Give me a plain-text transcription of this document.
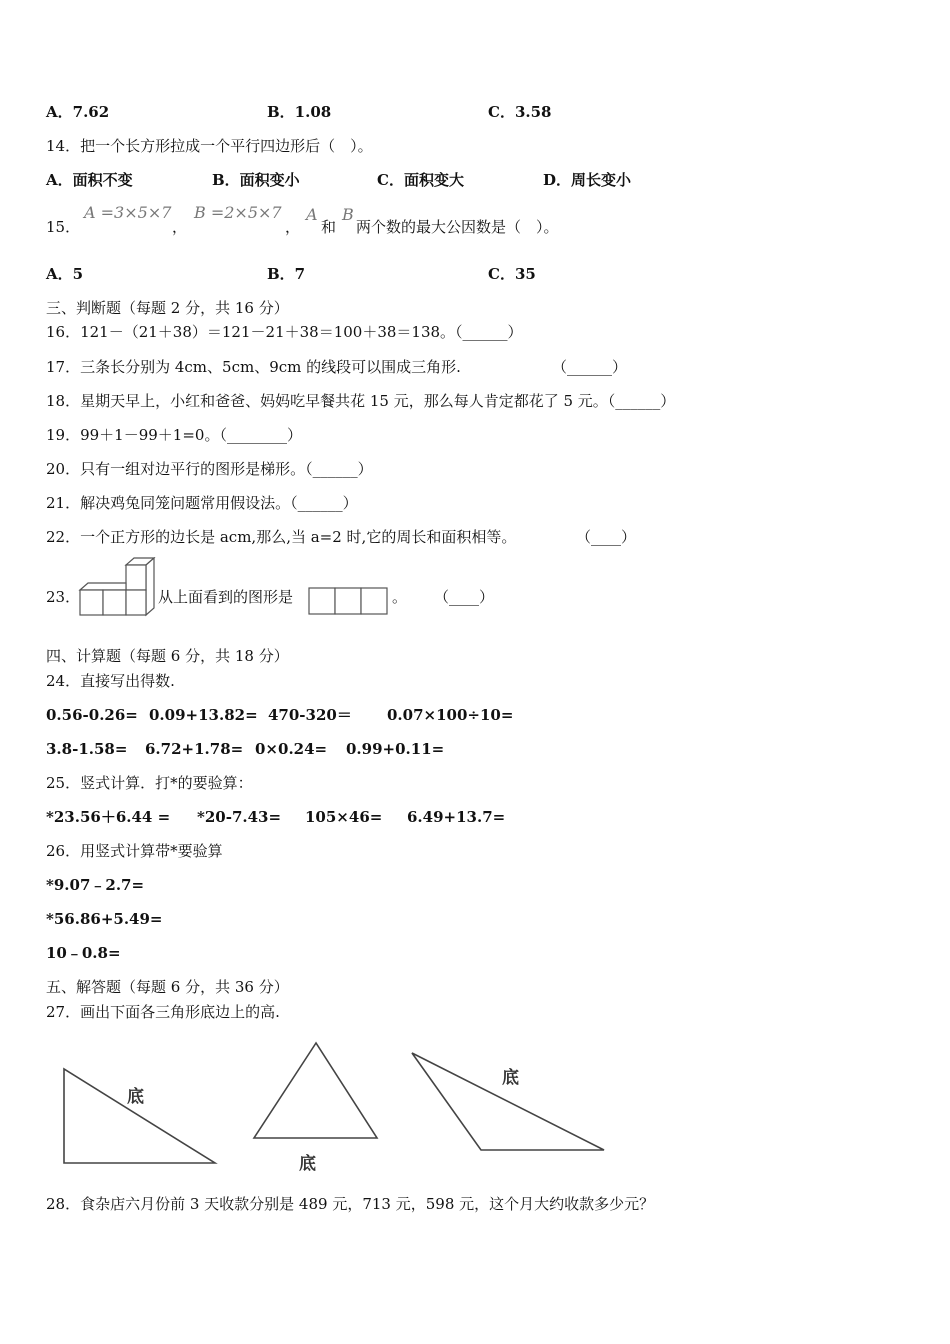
A．7.62	B．1.08	C．3.58
14．把一个长方形拉成一个平行四边形后（　）。
A．面积不变	B．面积变小	C．面积变大	D．周长变小
15．
A =3×5×7
，
B =2×5×7
，
A
和
B
两个数的最大公因数是（　）。
A．5	B．7	C．35
三、判断题（每题 2 分，共 16 分）
16．121－（21＋38）＝121－21＋38＝100＋38＝138。（______）
17．三条长分别为 4cm、5cm、9cm 的线段可以围成三角形.	（______）
18．星期天早上，小红和爸爸、妈妈吃早餐共花 15 元，那么每人肯定都花了 5 元。（______）
19．99＋1－99＋1=0。（________）
20．只有一组对边平行的图形是梯形。（______）
21．解决鸡兔同笼问题常用假设法。（______）
22．一个正方形的边长是 acm,那么,当 a=2 时,它的周长和面积相等。	（____）
23．	从上面看到的图形是	。 （____）
四、计算题（每题 6 分，共 18 分）
24．直接写出得数.
0.56-0.26= 0.09+13.82= 470-320＝ 0.07×100÷10=
3.8-1.58= 6.72+1.78= 0×0.24= 0.99+0.11=
25．竖式计算．打*的要验算：
*23.56＋6.44 = *20-7.43= 105×46= 6.49+13.7=
26．用竖式计算带*要验算
*9.07﹣2.7=
*56.86+5.49=
10﹣0.8=
五、解答题（每题 6 分，共 36 分）
27．画出下面各三角形底边上的高.
底
底
底
28．食杂店六月份前 3 天收款分别是 489 元，713 元，598 元，这个月大约收款多少元？
